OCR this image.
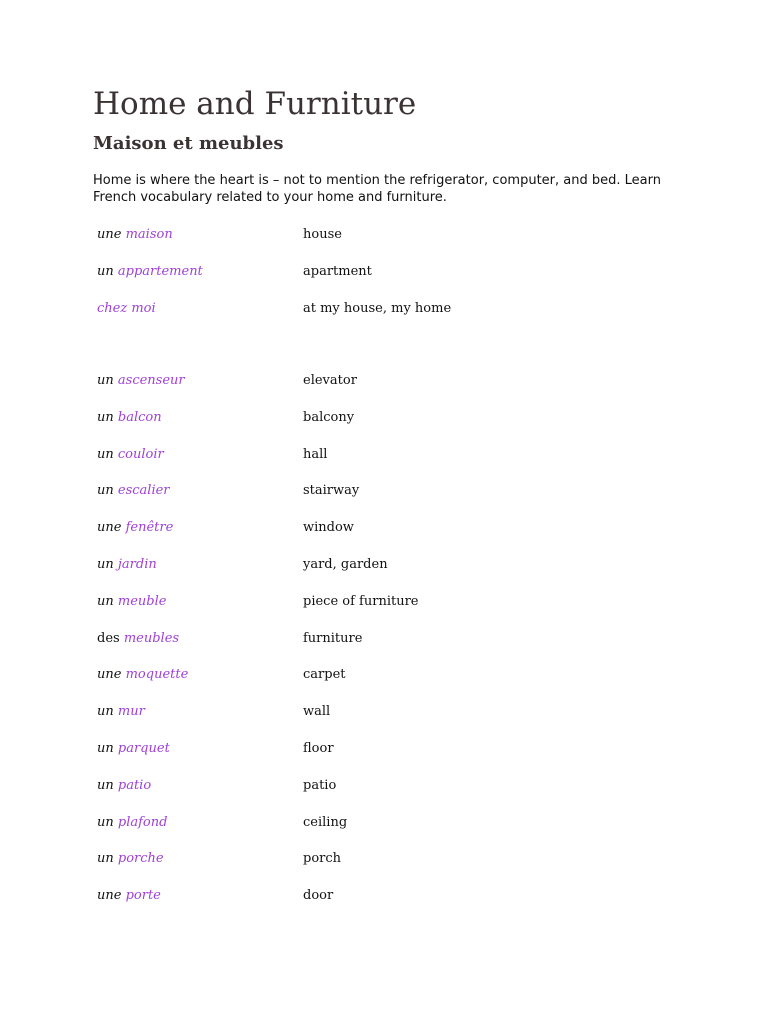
Home and Furniture
Maison et meubles

Home is where the heart is – not to mention the refrigerator, computer, and bed. Learn French vocabulary related to your home and furniture.

une maison	house
un appartement	apartment
chez moi	at my house, my home
un ascenseur	elevator
un balcon	balcony
un couloir	hall
un escalier	stairway
une fenêtre	window
un jardin	yard, garden
un meuble	piece of furniture
des meubles	furniture
une moquette	carpet
un mur	wall
un parquet	floor
un patio	patio
un plafond	ceiling
un porche	porch
une porte	door
